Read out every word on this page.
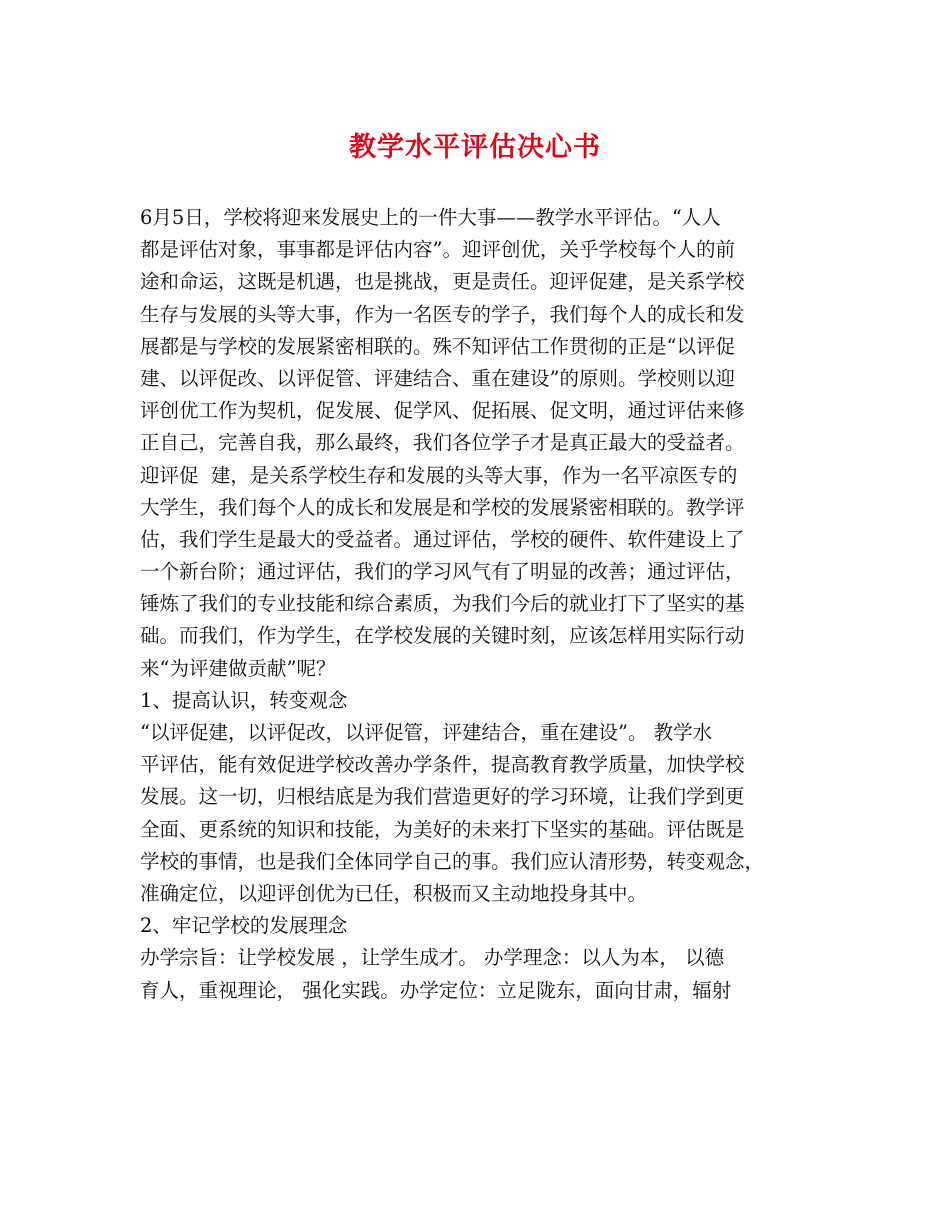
教学水平评估决心书
6月5日，学校将迎来发展史上的一件大事——教学水平评估。“人人
都是评估对象，事事都是评估内容”。迎评创优，关乎学校每个人的前
途和命运，这既是机遇，也是挑战，更是责任。迎评促建，是关系学校
生存与发展的头等大事，作为一名医专的学子，我们每个人的成长和发
展都是与学校的发展紧密相联的。殊不知评估工作贯彻的正是“以评促
建、以评促改、以评促管、评建结合、重在建设”的原则。学校则以迎
评创优工作为契机，促发展、促学风、促拓展、促文明，通过评估来修
正自己，完善自我，那么最终，我们各位学子才是真正最大的受益者。
迎评促  建，是关系学校生存和发展的头等大事，作为一名平凉医专的
大学生，我们每个人的成长和发展是和学校的发展紧密相联的。教学评
估，我们学生是最大的受益者。通过评估，学校的硬件、软件建设上了
一个新台阶；通过评估，我们的学习风气有了明显的改善；通过评估，
锤炼了我们的专业技能和综合素质，为我们今后的就业打下了坚实的基
础。而我们，作为学生，在学校发展的关键时刻，应该怎样用实际行动
来“为评建做贡献”呢？
1、提高认识，转变观念
“以评促建，以评促改，以评促管，评建结合，重在建设”。 教学水
平评估，能有效促进学校改善办学条件，提高教育教学质量，加快学校
发展。这一切，归根结底是为我们营造更好的学习环境，让我们学到更
全面、更系统的知识和技能，为美好的未来打下坚实的基础。评估既是
学校的事情，也是我们全体同学自己的事。我们应认清形势，转变观念，
准确定位，以迎评创优为已任，积极而又主动地投身其中。
2、牢记学校的发展理念
办学宗旨：让学校发展 ，让学生成才。 办学理念：以人为本， 以德
育人，重视理论， 强化实践。办学定位：立足陇东，面向甘肃，辐射
